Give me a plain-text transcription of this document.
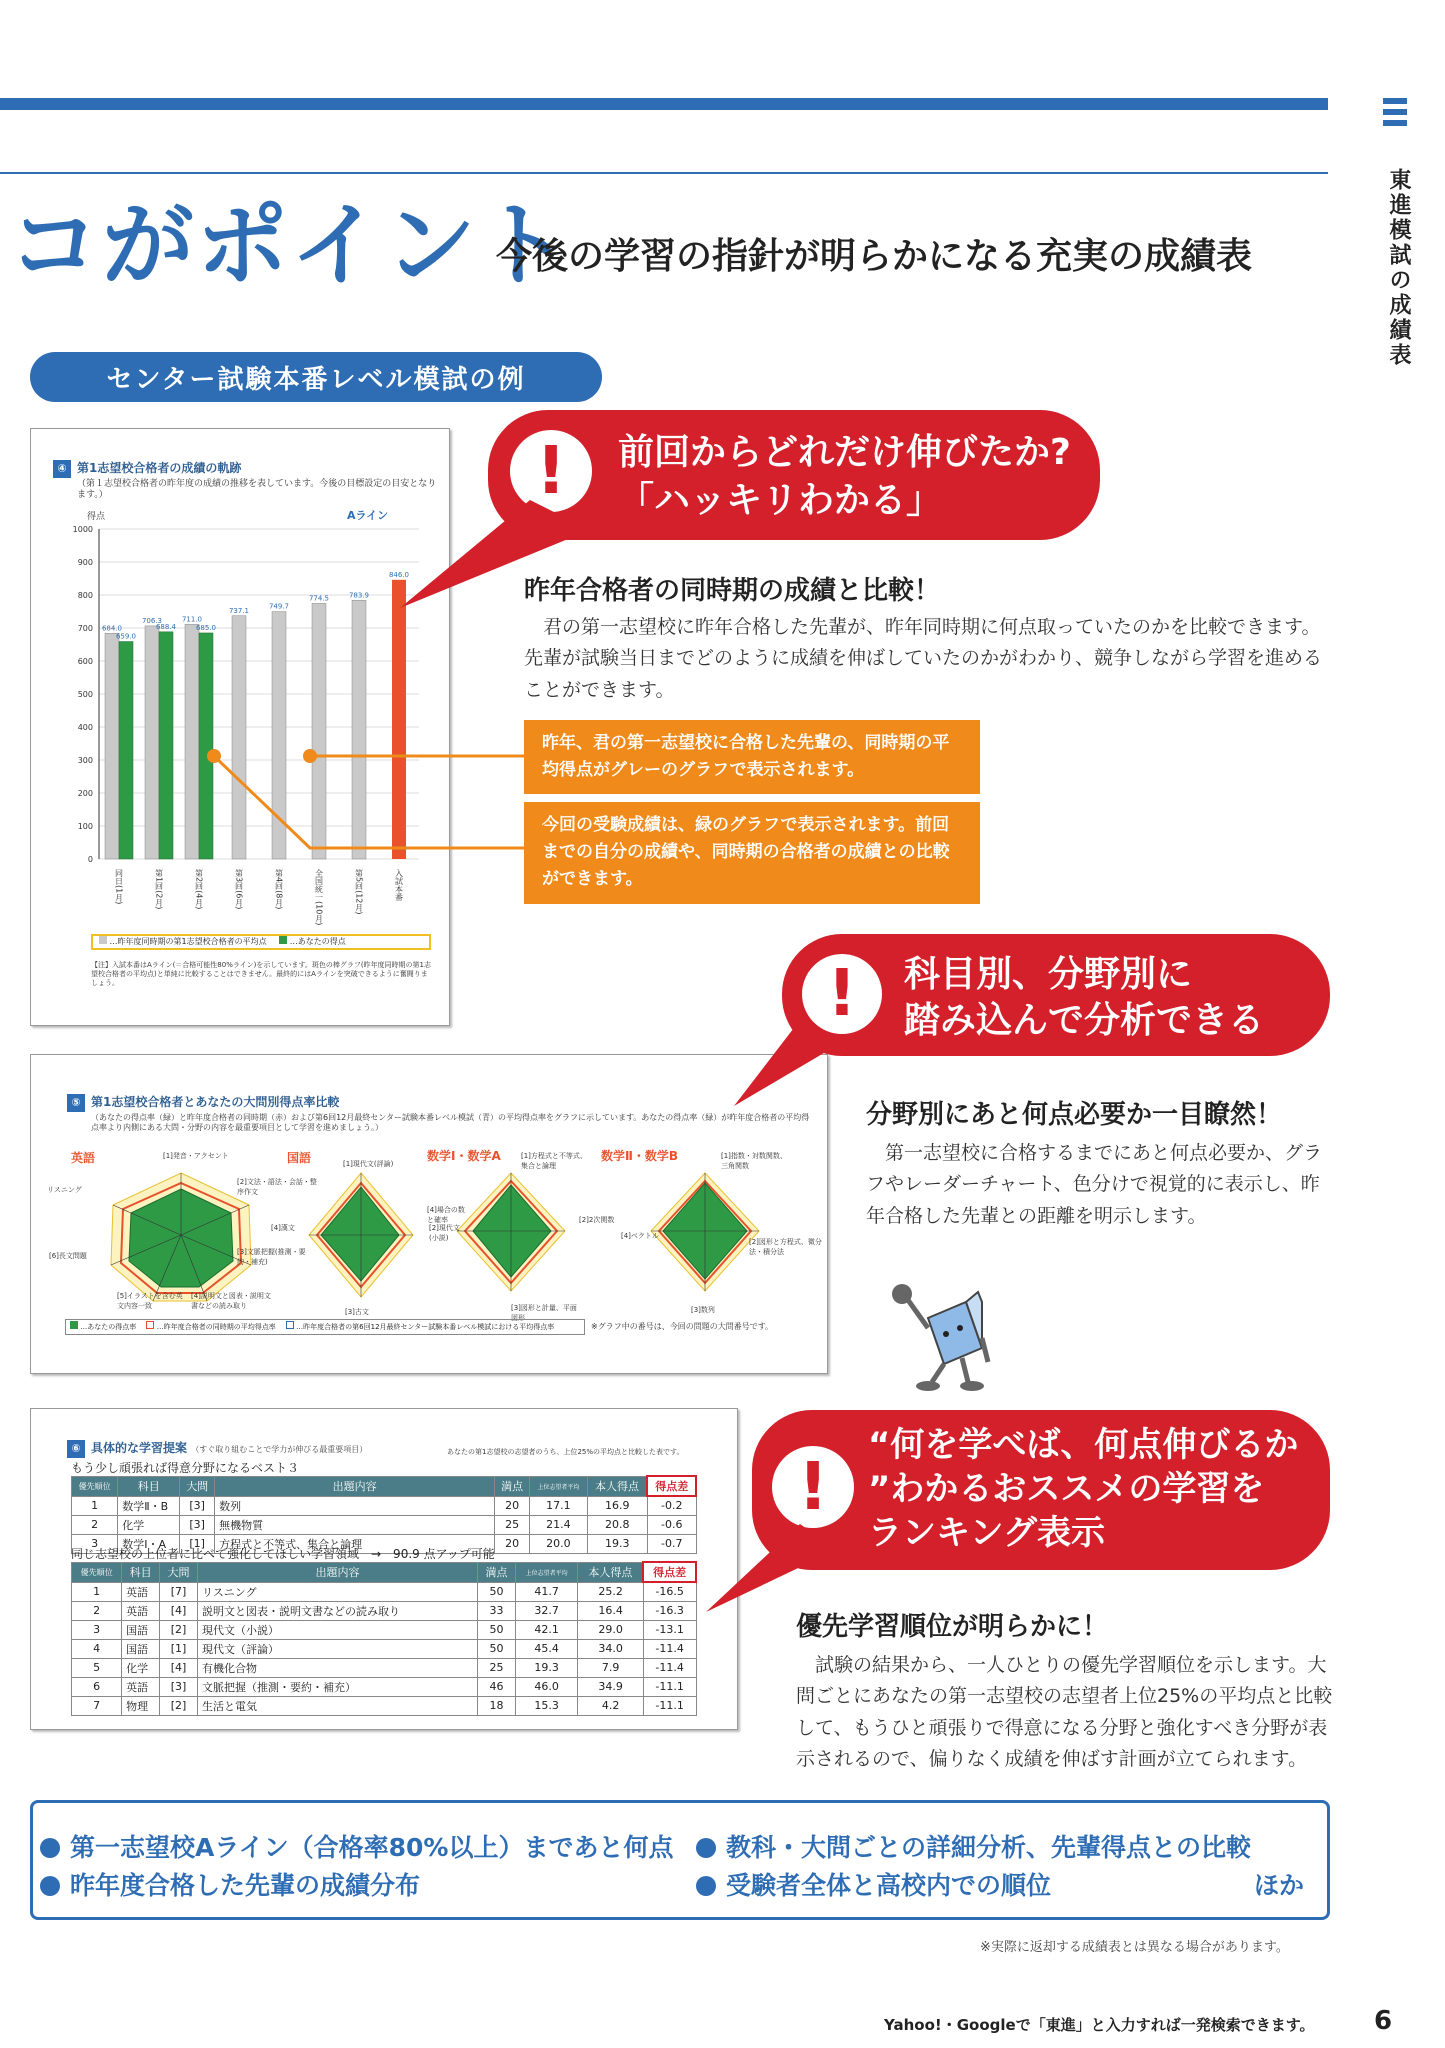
東進模試の成績表
コがポイント
今後の学習の指針が明らかになる充実の成績表
センター試験本番レベル模試の例
④ 第1志望校合格者の成績の軌跡
（第１志望校合格者の昨年度の成績の推移を表しています。今後の目標設定の目安となります。）
得点	Aライン
0
100
200
300
400
500
600
700
800
900
1000
684.0
659.0
同日(1月)
706.3
688.4
第1回(2月)
711.0
685.0
第2回(4月)
737.1
第3回(6月)
749.7
第4回(8月)
774.5
全国統一(10月)
783.9
第5回(12月)
846.0
入試本番
…昨年度同時期の第1志望校合格者の平均点	…あなたの得点
【注】入試本番はAライン(＝合格可能性80%ライン)を示しています。斑色の棒グラフ(昨年度同時期の第1志望校合格者の平均点)と単純に比較することはできません。最終的にはAラインを突破できるように奮闘りましょう。
!	前回からどれだけ伸びたか?
「ハッキリわかる」
昨年合格者の同時期の成績と比較！
君の第一志望校に昨年合格した先輩が、昨年同時期に何点取っていたのかを比較できます。先輩が試験当日までどのように成績を伸ばしていたのかがわかり、競争しながら学習を進めることができます。
昨年、君の第一志望校に合格した先輩の、同時期の平均得点がグレーのグラフで表示されます。
今回の受験成績は、緑のグラフで表示されます。前回までの自分の成績や、同時期の合格者の成績との比較ができます。
⑤ 第1志望校合格者とあなたの大問別得点率比較
（あなたの得点率（緑）と昨年度合格者の同時期（赤）および第6回12月最終センター試験本番レベル模試（青）の平均得点率をグラフに示しています。あなたの得点率（緑）が昨年度合格者の平均得点率より内側にある大問・分野の内容を最重要項目として学習を進めましょう。）
英語	国語	数学Ⅰ・数学A	数学Ⅱ・数学B
[1]発音・アクセント
[2]文法・語法・会話・整序作文
[3]文脈把握(推測・要約・補充)
[4]説明文と図表・説明文書などの読み取り
[5]イラストを含む英文内容一致
[6]長文問題
リスニング
[1]現代文(評論)
[2]現代文(小説)
[3]古文
[4]漢文
[1]方程式と不等式、集合と論理
[2]2次関数
[3]図形と計量、平面図形
[4]場合の数と確率
[1]指数・対数関数、三角関数
[2]図形と方程式、微分法・積分法
[3]数列
[4]ベクトル
…あなたの得点率	…昨年度合格者の同時期の平均得点率	…昨年度合格者の第6回12月最終センター試験本番レベル模試における平均得点率	※グラフ中の番号は、今回の問題の大問番号です。
!	科目別、分野別に
踏み込んで分析できる
分野別にあと何点必要か一目瞭然！
第一志望校に合格するまでにあと何点必要か、グラフやレーダーチャート、色分けで視覚的に表示し、昨年合格した先輩との距離を明示します。
⑥ 具体的な学習提案 （すぐ取り組むことで学力が伸びる最重要項目）	あなたの第1志望校の志望者のうち、上位25%の平均点と比較した表です。
もう少し頑張れば得意分野になるベスト３
優先順位	科目	大問	出題内容	満点	上位志望者平均	本人得点	得点差
1	数学Ⅱ・B	[3]	数列	20	17.1	16.9	-0.2
2	化学	[3]	無機物質	25	21.4	20.8	-0.6
3	数学Ⅰ・A	[1]	方程式と不等式、集合と論理	20	20.0	19.3	-0.7
同じ志望校の上位者に比べて強化してほしい学習領域　→　90.9 点アップ可能
優先順位	科目	大問	出題内容	満点	上位志望者平均	本人得点	得点差
1	英語	[7]	リスニング	50	41.7	25.2	-16.5
2	英語	[4]	説明文と図表・説明文書などの読み取り	33	32.7	16.4	-16.3
3	国語	[2]	現代文（小説）	50	42.1	29.0	-13.1
4	国語	[1]	現代文（評論）	50	45.4	34.0	-11.4
5	化学	[4]	有機化合物	25	19.3	7.9	-11.4
6	英語	[3]	文脈把握（推測・要約・補充）	46	46.0	34.9	-11.1
7	物理	[2]	生活と電気	18	15.3	4.2	-11.1
!
“何を学べば、何点伸びるか
”わかるおススメの学習を
ランキング表示
優先学習順位が明らかに！
試験の結果から、一人ひとりの優先学習順位を示します。大問ごとにあなたの第一志望校の志望者上位25%の平均点と比較して、もうひと頑張りで得意になる分野と強化すべき分野が表示されるので、偏りなく成績を伸ばす計画が立てられます。
第一志望校Aライン（合格率80%以上）まであと何点
昨年度合格した先輩の成績分布
教科・大問ごとの詳細分析、先輩得点との比較
受験者全体と高校内での順位	ほか
※実際に返却する成績表とは異なる場合があります。
Yahoo!・Googleで「東進」と入力すれば一発検索できます。 6
